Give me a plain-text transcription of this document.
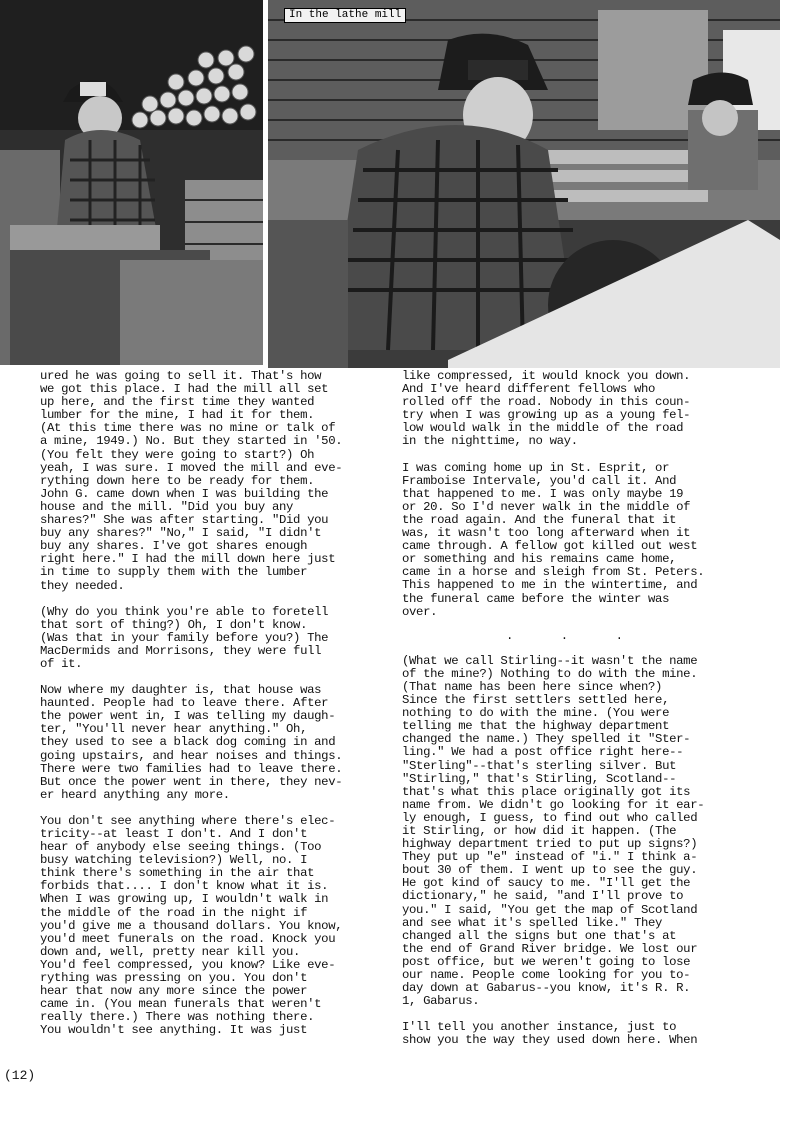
In the lathe mill

ured he was going to sell it. That's how
we got this place. I had the mill all set
up here, and the first time they wanted
lumber for the mine, I had it for them.
(At this time there was no mine or talk of
a mine, 1949.) No. But they started in '50.
(You felt they were going to start?) Oh
yeah, I was sure. I moved the mill and eve-
rything down here to be ready for them.
John G. came down when I was building the
house and the mill. "Did you buy any
shares?" She was after starting. "Did you
buy any shares?" "No," I said, "I didn't
buy any shares. I've got shares enough
right here." I had the mill down here just
in time to supply them with the lumber
they needed.

(Why do you think you're able to foretell
that sort of thing?) Oh, I don't know.
(Was that in your family before you?) The
MacDermids and Morrisons, they were full
of it.

Now where my daughter is, that house was
haunted. People had to leave there. After
the power went in, I was telling my daugh-
ter, "You'll never hear anything." Oh,
they used to see a black dog coming in and
going upstairs, and hear noises and things.
There were two families had to leave there.
But once the power went in there, they nev-
er heard anything any more.

You don't see anything where there's elec-
tricity--at least I don't. And I don't
hear of anybody else seeing things. (Too
busy watching television?) Well, no. I
think there's something in the air that
forbids that.... I don't know what it is.
When I was growing up, I wouldn't walk in
the middle of the road in the night if
you'd give me a thousand dollars. You know,
you'd meet funerals on the road. Knock you
down and, well, pretty near kill you.
You'd feel compressed, you know? Like eve-
rything was pressing on you. You don't
hear that now any more since the power
came in. (You mean funerals that weren't
really there.) There was nothing there.
You wouldn't see anything. It was just

like compressed, it would knock you down.
And I've heard different fellows who
rolled off the road. Nobody in this coun-
try when I was growing up as a young fel-
low would walk in the middle of the road
in the nighttime, no way.

I was coming home up in St. Esprit, or
Framboise Intervale, you'd call it. And
that happened to me. I was only maybe 19
or 20. So I'd never walk in the middle of
the road again. And the funeral that it
was, it wasn't too long afterward when it
came through. A fellow got killed out west
or something and his remains came home,
came in a horse and sleigh from St. Peters.
This happened to me in the wintertime, and
the funeral came before the winter was
over.

. . .

(What we call Stirling--it wasn't the name
of the mine?) Nothing to do with the mine.
(That name has been here since when?)
Since the first settlers settled here,
nothing to do with the mine. (You were
telling me that the highway department
changed the name.) They spelled it "Ster-
ling." We had a post office right here--
"Sterling"--that's sterling silver. But
"Stirling," that's Stirling, Scotland--
that's what this place originally got its
name from. We didn't go looking for it ear-
ly enough, I guess, to find out who called
it Stirling, or how did it happen. (The
highway department tried to put up signs?)
They put up "e" instead of "i." I think a-
bout 30 of them. I went up to see the guy.
He got kind of saucy to me. "I'll get the
dictionary," he said, "and I'll prove to
you." I said, "You get the map of Scotland
and see what it's spelled like." They
changed all the signs but one that's at
the end of Grand River bridge. We lost our
post office, but we weren't going to lose
our name. People come looking for you to-
day down at Gabarus--you know, it's R. R.
1, Gabarus.

I'll tell you another instance, just to
show you the way they used down here. When

(12)
